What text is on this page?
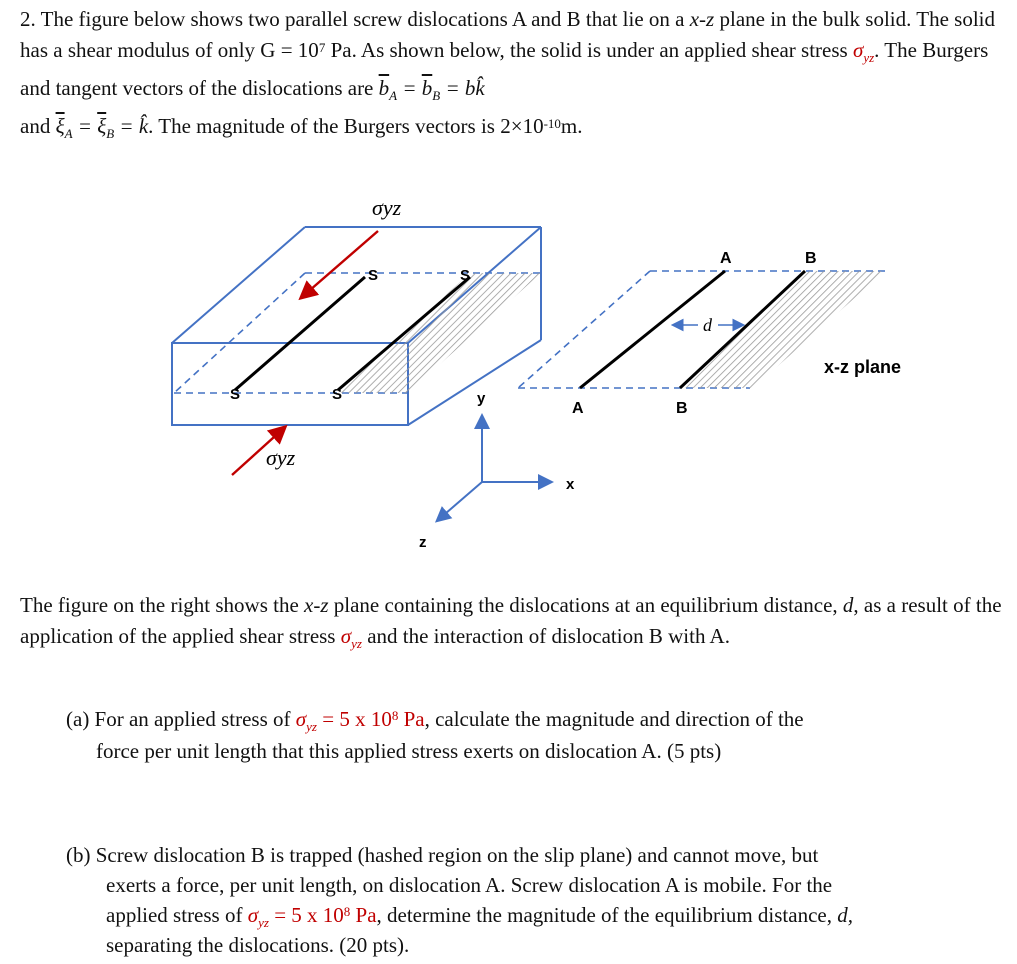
2. The figure below shows two parallel screw dislocations A and B that lie on a x-z plane in the bulk solid. The solid has a shear modulus of only $G = 10^7$ Pa. As shown below, the solid is under an applied shear stress $\sigma_{yz}$. The Burgers and tangent vectors of the dislocations are $\overline{b}_A = \overline{b}_B$ = bk̂
and $\overline{\xi}_A = \overline{\xi}_B$ = k̂. The magnitude of the Burgers vectors is $2\times 10^{-10}m$.
S	S
S	S
σyz
σyz
y
x
z
A	B
A	B
d
x-z plane
The figure on the right shows the x-z plane containing the dislocations at an equilibrium distance, d, as a result of the application of the applied shear stress $\sigma_{yz}$ and the interaction of dislocation B with A.
(a) For an applied stress of $\sigma_{yz} = 5$ x $10^8$ Pa, calculate the magnitude and direction of the
force per unit length that this applied stress exerts on dislocation A. (5 pts)
(b) Screw dislocation B is trapped (hashed region on the slip plane) and cannot move, but
exerts a force, per unit length, on dislocation A. Screw dislocation A is mobile. For the
applied stress of $\sigma_{yz} = 5$ x $10^8$ Pa, determine the magnitude of the equilibrium distance, d,
separating the dislocations. (20 pts).
